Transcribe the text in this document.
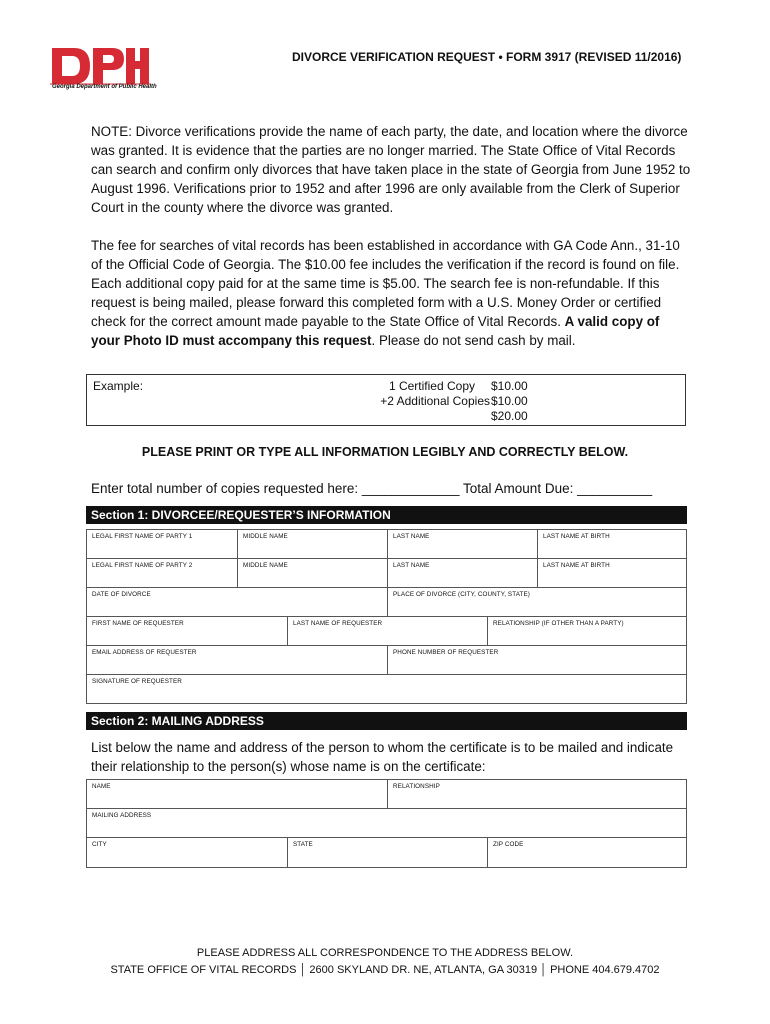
Georgia Department of Public Health
DIVORCE VERIFICATION REQUEST • FORM 3917 (REVISED 11/2016)
NOTE: Divorce verifications provide the name of each party, the date, and location where the divorce was granted. It is evidence that the parties are no longer married. The State Office of Vital Records can search and confirm only divorces that have taken place in the state of Georgia from June 1952 to August 1996. Verifications prior to 1952 and after 1996 are only available from the Clerk of Superior Court in the county where the divorce was granted.
The fee for searches of vital records has been established in accordance with GA Code Ann., 31-10 of the Official Code of Georgia. The $10.00 fee includes the verification if the record is found on file. Each additional copy paid for at the same time is $5.00. The search fee is non-refundable. If this request is being mailed, please forward this completed form with a U.S. Money Order or certified check for the correct amount made payable to the State Office of Vital Records. A valid copy of your Photo ID must accompany this request. Please do not send cash by mail.
Example:	1 Certified Copy $10.00
+2 Additional Copies $10.00
$20.00
PLEASE PRINT OR TYPE ALL INFORMATION LEGIBLY AND CORRECTLY BELOW.
Enter total number of copies requested here: _____________ Total Amount Due: __________
Section 1: DIVORCEE/REQUESTER’S INFORMATION
LEGAL FIRST NAME OF PARTY 1	MIDDLE NAME	LAST NAME	LAST NAME AT BIRTH
LEGAL FIRST NAME OF PARTY 2	MIDDLE NAME	LAST NAME	LAST NAME AT BIRTH
DATE OF DIVORCE	PLACE OF DIVORCE (CITY, COUNTY, STATE)
FIRST NAME OF REQUESTER	LAST NAME OF REQUESTER	RELATIONSHIP (IF OTHER THAN A PARTY)
EMAIL ADDRESS OF REQUESTER	PHONE NUMBER OF REQUESTER
SIGNATURE OF REQUESTER
Section 2: MAILING ADDRESS
List below the name and address of the person to whom the certificate is to be mailed and indicate their relationship to the person(s) whose name is on the certificate:
NAME	RELATIONSHIP
MAILING ADDRESS
CITY	STATE	ZIP CODE
PLEASE ADDRESS ALL CORRESPONDENCE TO THE ADDRESS BELOW.
STATE OFFICE OF VITAL RECORDS │ 2600 SKYLAND DR. NE, ATLANTA, GA 30319 │ PHONE 404.679.4702
